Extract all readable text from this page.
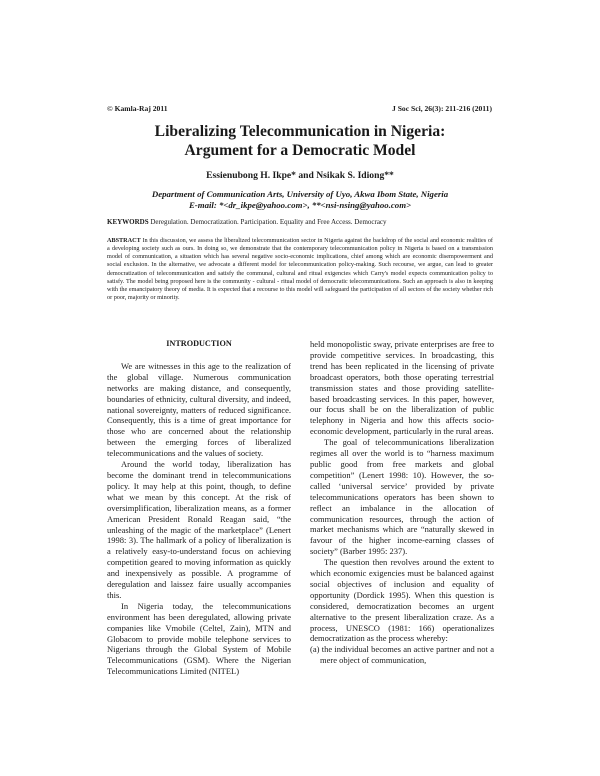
© Kamla-Raj 2011	J Soc Sci, 26(3): 211-216 (2011)
Liberalizing Telecommunication in Nigeria:
Argument for a Democratic Model
Essienubong H. Ikpe* and Nsikak S. Idiong**
Department of Communication Arts, University of Uyo, Akwa Ibom State, Nigeria
E-mail: *<dr_ikpe@yahoo.com>, **<nsi-nsing@yahoo.com>
KEYWORDS Deregulation. Democratization. Participation. Equality and Free Access. Democracy
ABSTRACT In this discussion, we assess the liberalized telecommunication sector in Nigeria against the backdrop of the social and economic realities of a developing society such as ours. In doing so, we demonstrate that the contemporary telecommunication policy in Nigeria is based on a transmission model of communication, a situation which has several negative socio-economic implications, chief among which are economic disempowerment and social exclusion. In the alternative, we advocate a different model for telecommunication policy-making. Such recourse, we argue, can lead to greater democratization of telecommunication and satisfy the communal, cultural and ritual exigencies which Carry's model expects communication policy to satisfy. The model being proposed here is the community - cultural - ritual model of democratic telecommunications. Such an approach is also in keeping with the emancipatory theory of media. It is expected that a recourse to this model will safeguard the participation of all sectors of the society whether rich or poor, majority or minority.

INTRODUCTION

We are witnesses in this age to the realization of the global village. Numerous communication networks are making distance, and consequently, boundaries of ethnicity, cultural diversity, and indeed, national sovereignty, matters of reduced significance. Consequently, this is a time of great importance for those who are concerned about the relationship between the emerging forces of liberalized telecommunications and the values of society.

Around the world today, liberalization has become the dominant trend in telecommunications policy. It may help at this point, though, to define what we mean by this concept. At the risk of oversimplification, liberalization means, as a former American President Ronald Reagan said, “the unleashing of the magic of the marketplace” (Lenert 1998: 3). The hallmark of a policy of liberalization is a relatively easy-to-understand focus on achieving competition geared to moving information as quickly and inexpensively as possible. A programme of deregulation and laissez faire usually accompanies this.

In Nigeria today, the telecommunications environment has been deregulated, allowing private companies like Vmobile (Celtel, Zain), MTN and Globacom to provide mobile telephone services to Nigerians through the Global System of Mobile Telecommunications (GSM). Where the Nigerian Telecommunications Limited (NITEL)

held monopolistic sway, private enterprises are free to provide competitive services. In broadcasting, this trend has been replicated in the licensing of private broadcast operators, both those operating terrestrial transmission states and those providing satellite-based broadcasting services. In this paper, however, our focus shall be on the liberalization of public telephony in Nigeria and how this affects socio-economic development, particularly in the rural areas.

The goal of telecommunications liberalization regimes all over the world is to “harness maximum public good from free markets and global competition” (Lenert 1998: 10). However, the so-called ‘universal service’ provided by private telecommunications operators has been shown to reflect an imbalance in the allocation of communication resources, through the action of market mechanisms which are “naturally skewed in favour of the higher income-earning classes of society” (Barber 1995: 237).

The question then revolves around the extent to which economic exigencies must be balanced against social objectives of inclusion and equality of opportunity (Dordick 1995). When this question is considered, democratization becomes an urgent alternative to the present liberalization craze. As a process, UNESCO (1981: 166) operationalizes democratization as the process whereby:

(a) the individual becomes an active partner and not a mere object of communication,
